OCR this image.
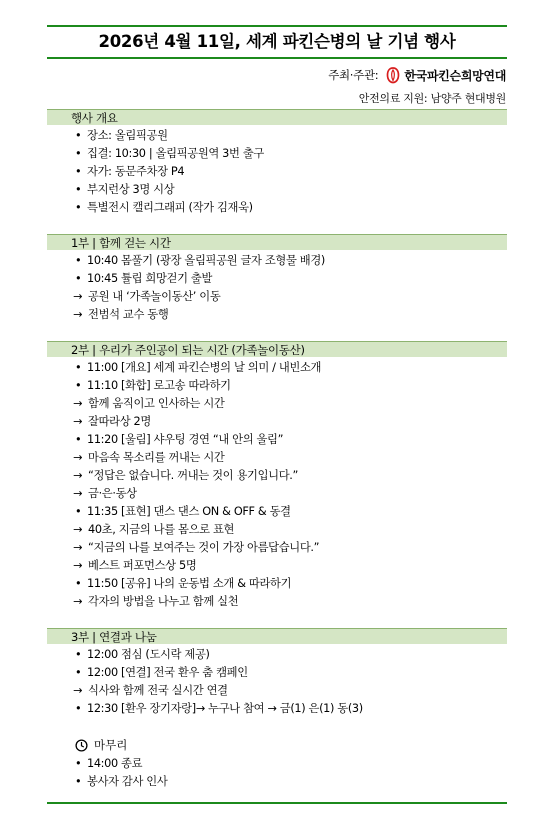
2026년 4월 11일, 세계 파킨슨병의 날 기념 행사
주최·주관: 한국파킨슨희망연대
안전의료 지원: 남양주 현대병원
행사 개요
• 장소: 올림픽공원
• 집결: 10:30 | 올림픽공원역 3번 출구
• 자가: 동문주차장 P4
• 부지런상 3명 시상
• 특별전시 캘리그래피 (작가 김재욱)
1부 | 함께 걷는 시간
• 10:40 몸풀기 (광장 올림픽공원 글자 조형물 배경)
• 10:45 튤립 희망걷기 출발
→ 공원 내 ‘가족놀이동산’ 이동
→ 전범석 교수 동행
2부 | 우리가 주인공이 되는 시간 (가족놀이동산)
• 11:00 [개요] 세계 파킨슨병의 날 의미 / 내빈소개
• 11:10 [화합] 로고송 따라하기
→ 함께 움직이고 인사하는 시간
→ 잘따라상 2명
• 11:20 [울림] 샤우팅 경연 “내 안의 울림”
→ 마음속 목소리를 꺼내는 시간
→ “정답은 없습니다. 꺼내는 것이 용기입니다.”
→ 금·은·동상
• 11:35 [표현] 댄스 댄스 ON & OFF & 동결
→ 40초, 지금의 나를 몸으로 표현
→ “지금의 나를 보여주는 것이 가장 아름답습니다.”
→ 베스트 퍼포먼스상 5명
• 11:50 [공유] 나의 운동법 소개 & 따라하기
→ 각자의 방법을 나누고 함께 실천
3부 | 연결과 나눔
• 12:00 점심 (도시락 제공)
• 12:00 [연결] 전국 환우 춤 캠페인
→ 식사와 함께 전국 실시간 연결
• 12:30 [환우 장기자랑]→ 누구나 참여 → 금(1) 은(1) 동(3)
마무리
• 14:00 종료
• 봉사자 감사 인사
